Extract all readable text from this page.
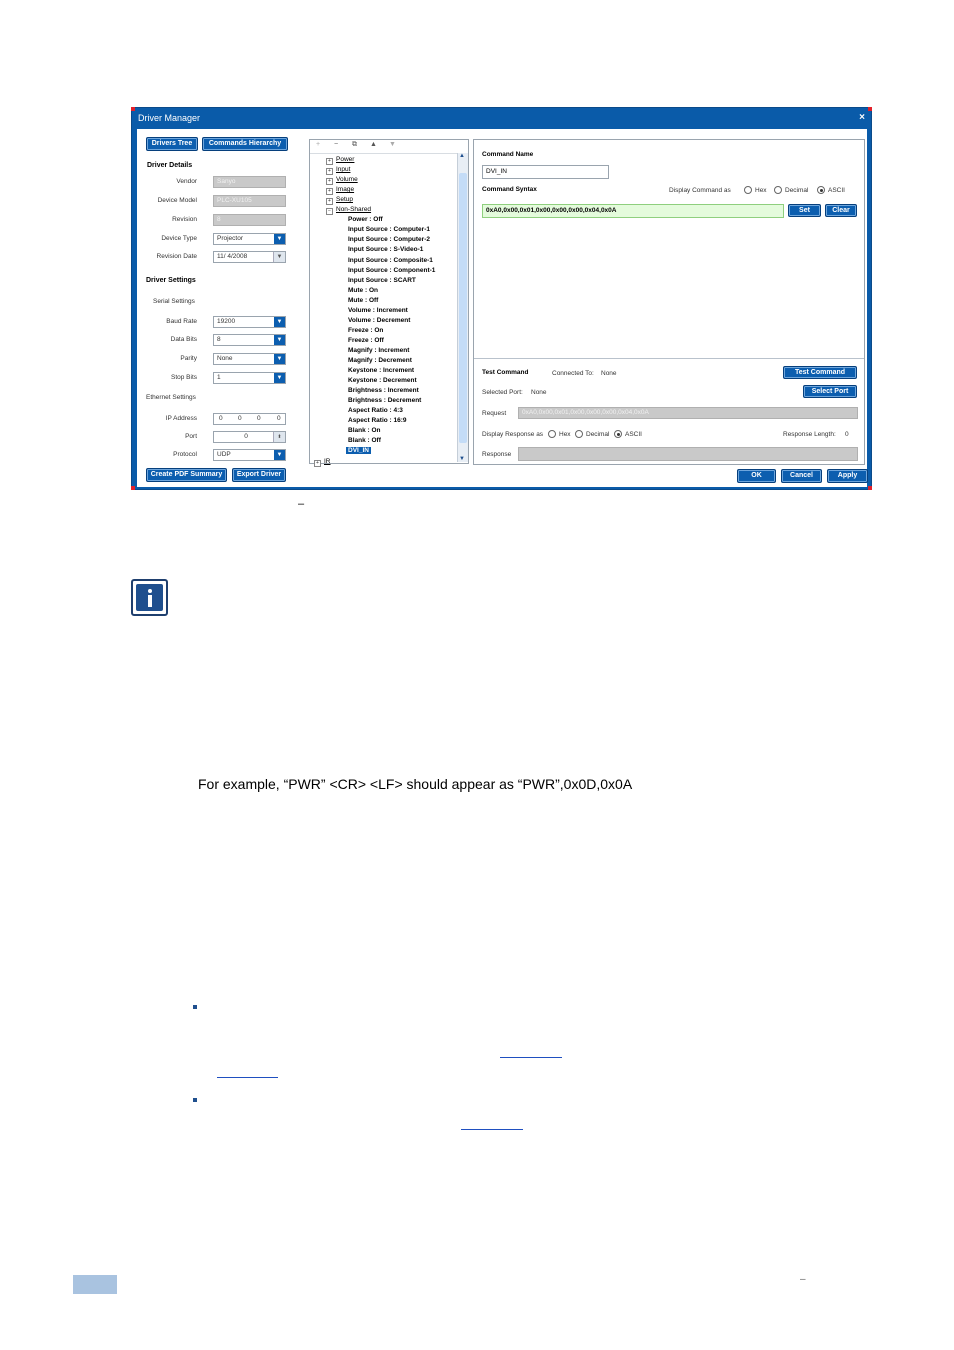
Driver Manager	×
Drivers Tree	Commands Hierarchy
Driver Details
Vendor	Sanyo
Device Model	PLC-XU105
Revision	8
Device Type	Projector	▼
Revision Date	11/ 4/2008	▼
Driver Settings
Serial Settings
Baud Rate	19200	▼
Data Bits	8	▼
Parity	None	▼
Stop Bits	1	▼
Ethernet Settings
IP Address	0 0 0	0
Port	0	⬍
Protocol	UDP	▼
Create PDF Summary	Export Driver
+ − ⧉ ▲ ▼
+ Power
+ Input
+ Volume
+ Image
+ Setup
− Non-Shared
Power : Off
Input Source : Computer-1
Input Source : Computer-2
Input Source : S-Video-1
Input Source : Composite-1
Input Source : Component-1
Input Source : SCART
Mute : On
Mute : Off
Volume : Increment
Volume : Decrement
Freeze : On
Freeze : Off
Magnify : Increment
Magnify : Decrement
Keystone : Increment
Keystone : Decrement
Brightness : Increment
Brightness : Decrement
Aspect Ratio : 4:3
Aspect Ratio : 16:9
Blank : On
Blank : Off
DVI_IN
+ IR
▲
▼
Command Name
DVI_IN
Command Syntax	Display Command as	Hex	Decimal	ASCII
0xA0,0x00,0x01,0x00,0x00,0x00,0x04,0x0A	Set	Clear
Test Command	Connected To: None	Test Command
Selected Port: None	Select Port
Request	0xA0,0x00,0x01,0x00,0x00,0x00,0x04,0x0A
Display Response as Hex Decimal ASCII	Response Length: 0
Response
OK	Cancel	Apply
–
For example, “PWR” <CR> <LF> should appear as “PWR”,0x0D,0x0A
–
